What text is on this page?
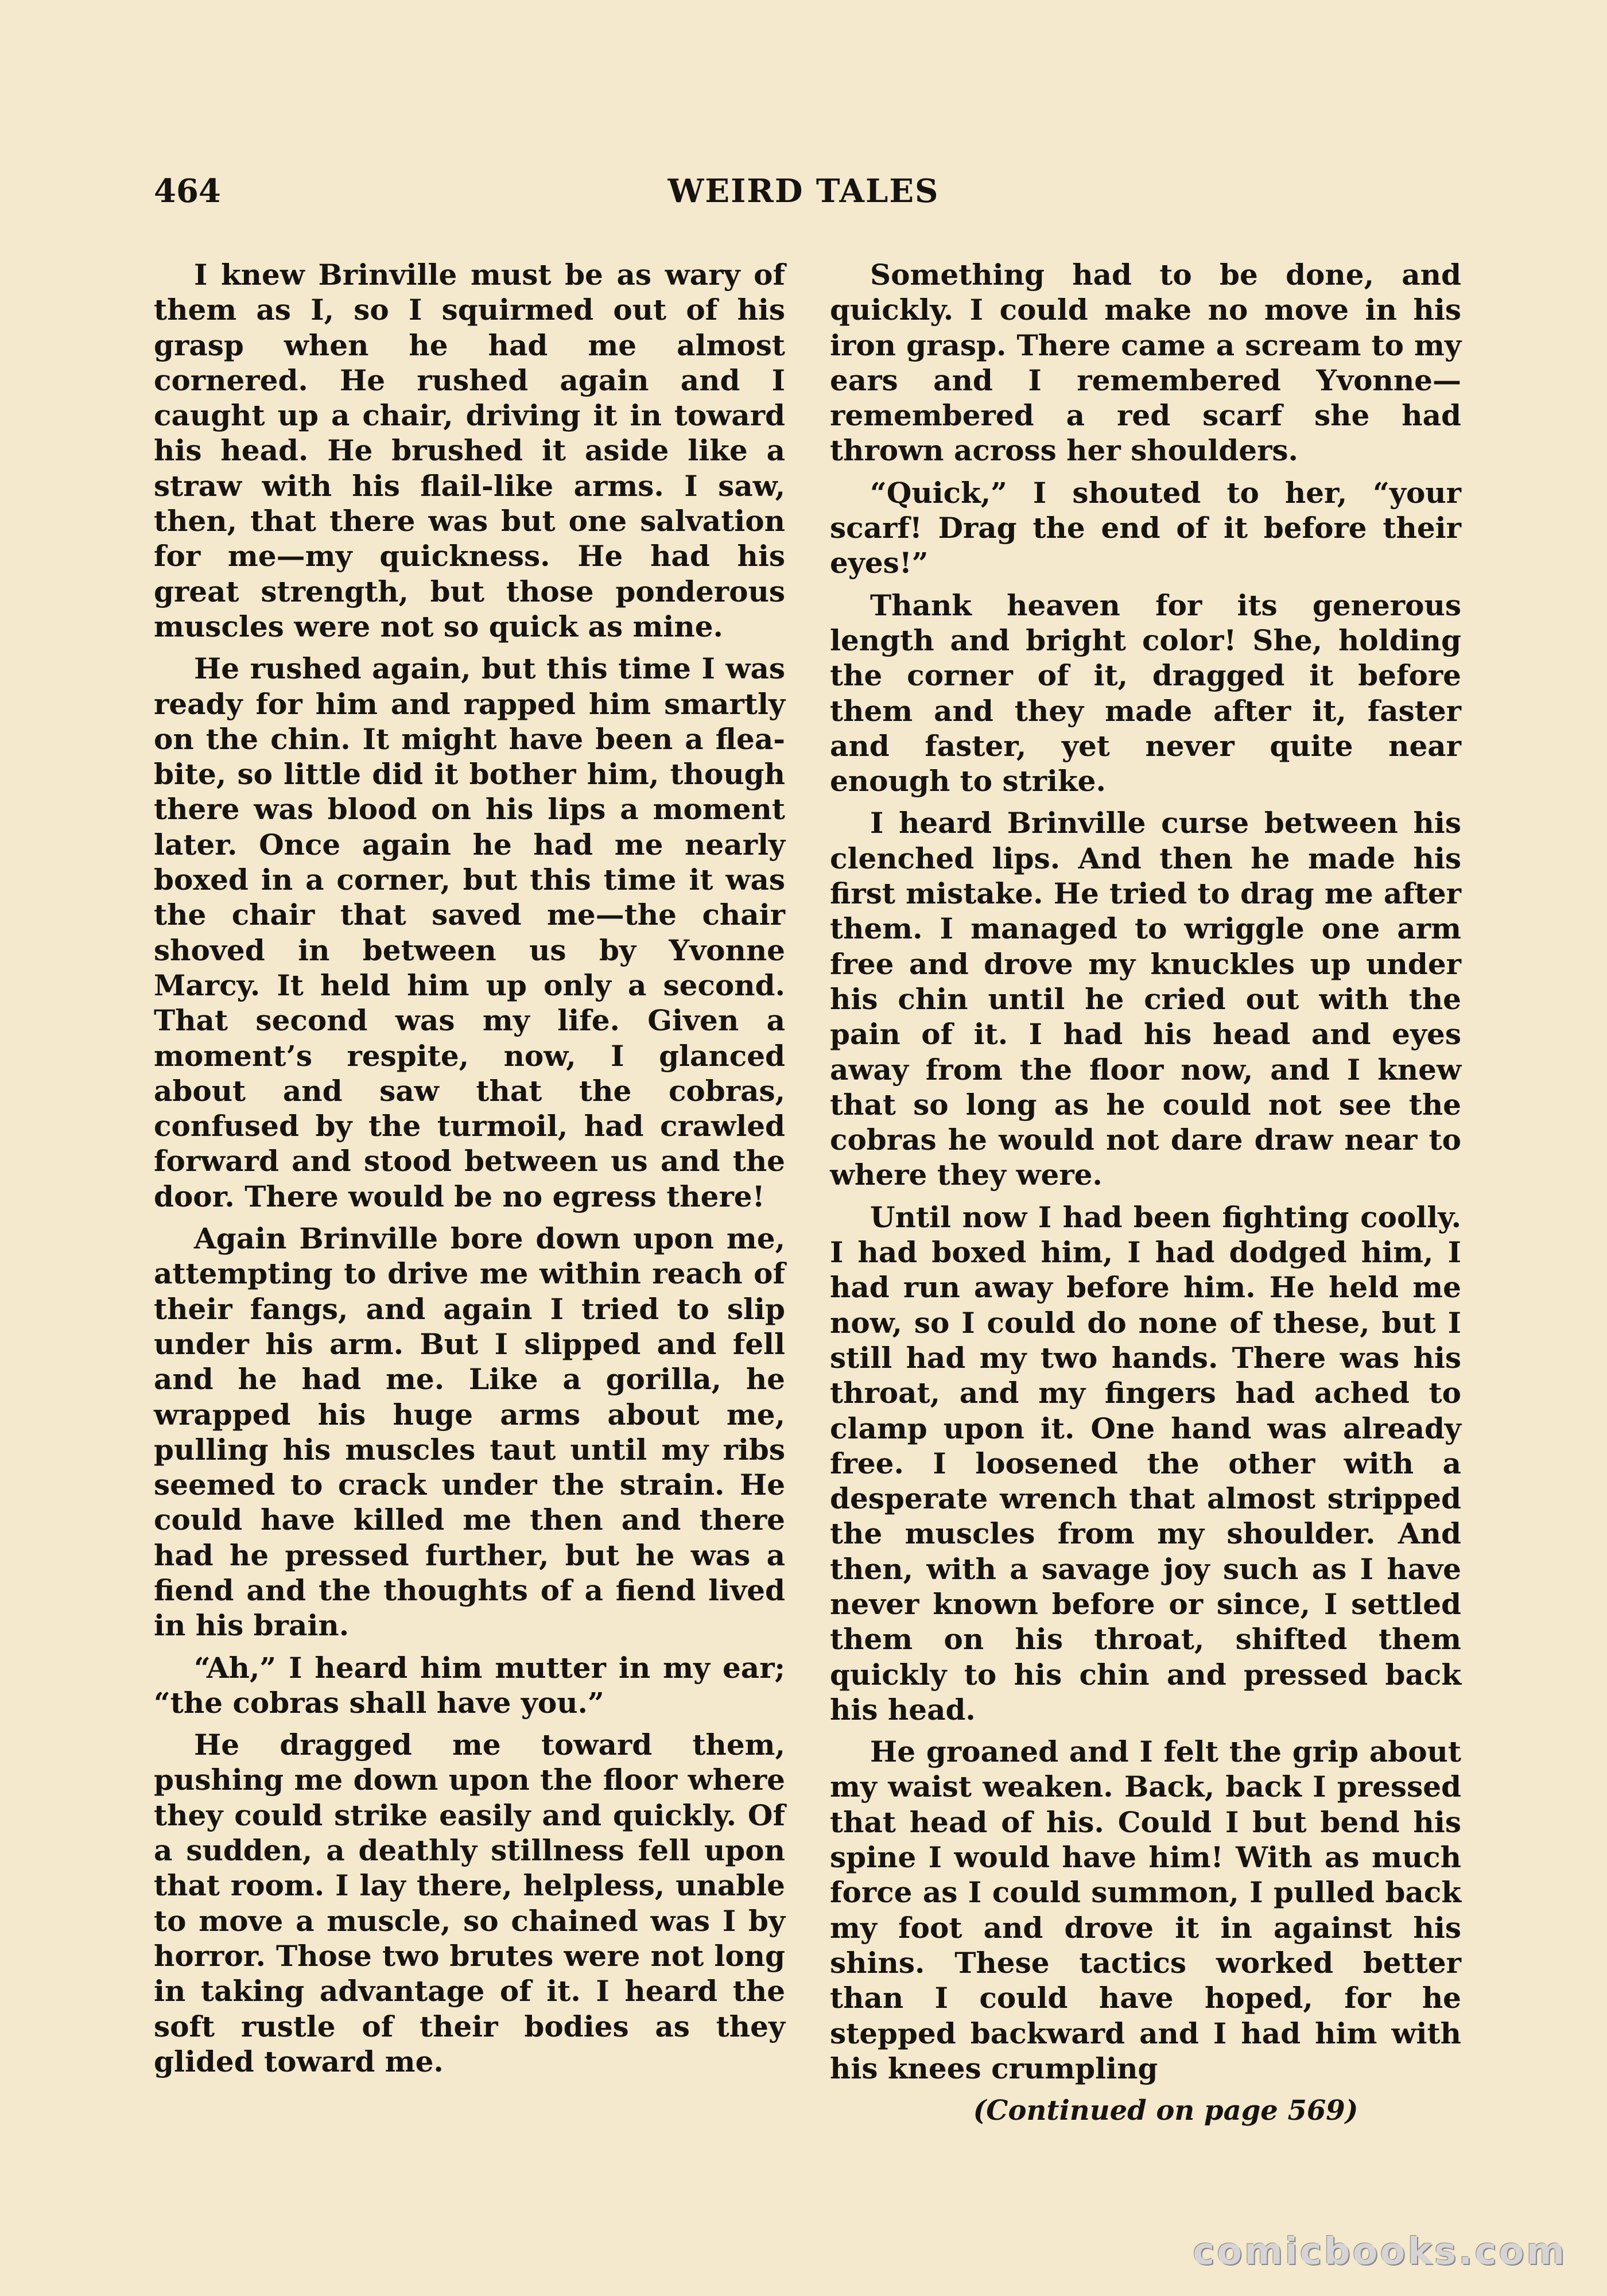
464	WEIRD TALES

I knew Brinville must be as wary of them as I, so I squirmed out of his grasp when he had me almost cornered. He rushed again and I caught up a chair, driving it in toward his head. He brushed it aside like a straw with his flail-like arms. I saw, then, that there was but one salvation for me—my quickness. He had his great strength, but those ponderous muscles were not so quick as mine.

He rushed again, but this time I was ready for him and rapped him smartly on the chin. It might have been a flea-bite, so little did it bother him, though there was blood on his lips a moment later. Once again he had me nearly boxed in a corner, but this time it was the chair that saved me—the chair shoved in between us by Yvonne Marcy. It held him up only a second. That second was my life. Given a moment’s respite, now, I glanced about and saw that the cobras, confused by the turmoil, had crawled forward and stood between us and the door. There would be no egress there!

Again Brinville bore down upon me, attempting to drive me within reach of their fangs, and again I tried to slip under his arm. But I slipped and fell and he had me. Like a gorilla, he wrapped his huge arms about me, pulling his muscles taut until my ribs seemed to crack under the strain. He could have killed me then and there had he pressed further, but he was a fiend and the thoughts of a fiend lived in his brain.

“Ah,” I heard him mutter in my ear; “the cobras shall have you.”

He dragged me toward them, pushing me down upon the floor where they could strike easily and quickly. Of a sudden, a deathly stillness fell upon that room. I lay there, helpless, unable to move a muscle, so chained was I by horror. Those two brutes were not long in taking advantage of it. I heard the soft rustle of their bodies as they glided toward me.

Something had to be done, and quickly. I could make no move in his iron grasp. There came a scream to my ears and I remembered Yvonne—remembered a red scarf she had thrown across her shoulders.

“Quick,” I shouted to her, “your scarf! Drag the end of it before their eyes!”

Thank heaven for its generous length and bright color! She, holding the corner of it, dragged it before them and they made after it, faster and faster, yet never quite near enough to strike.

I heard Brinville curse between his clenched lips. And then he made his first mistake. He tried to drag me after them. I managed to wriggle one arm free and drove my knuckles up under his chin until he cried out with the pain of it. I had his head and eyes away from the floor now, and I knew that so long as he could not see the cobras he would not dare draw near to where they were.

Until now I had been fighting coolly. I had boxed him, I had dodged him, I had run away before him. He held me now, so I could do none of these, but I still had my two hands. There was his throat, and my fingers had ached to clamp upon it. One hand was already free. I loosened the other with a desperate wrench that almost stripped the muscles from my shoulder. And then, with a savage joy such as I have never known before or since, I settled them on his throat, shifted them quickly to his chin and pressed back his head.

He groaned and I felt the grip about my waist weaken. Back, back I pressed that head of his. Could I but bend his spine I would have him! With as much force as I could summon, I pulled back my foot and drove it in against his shins. These tactics worked better than I could have hoped, for he stepped backward and I had him with his knees crumpling

(Continued on page 569)

comicbooks.com
